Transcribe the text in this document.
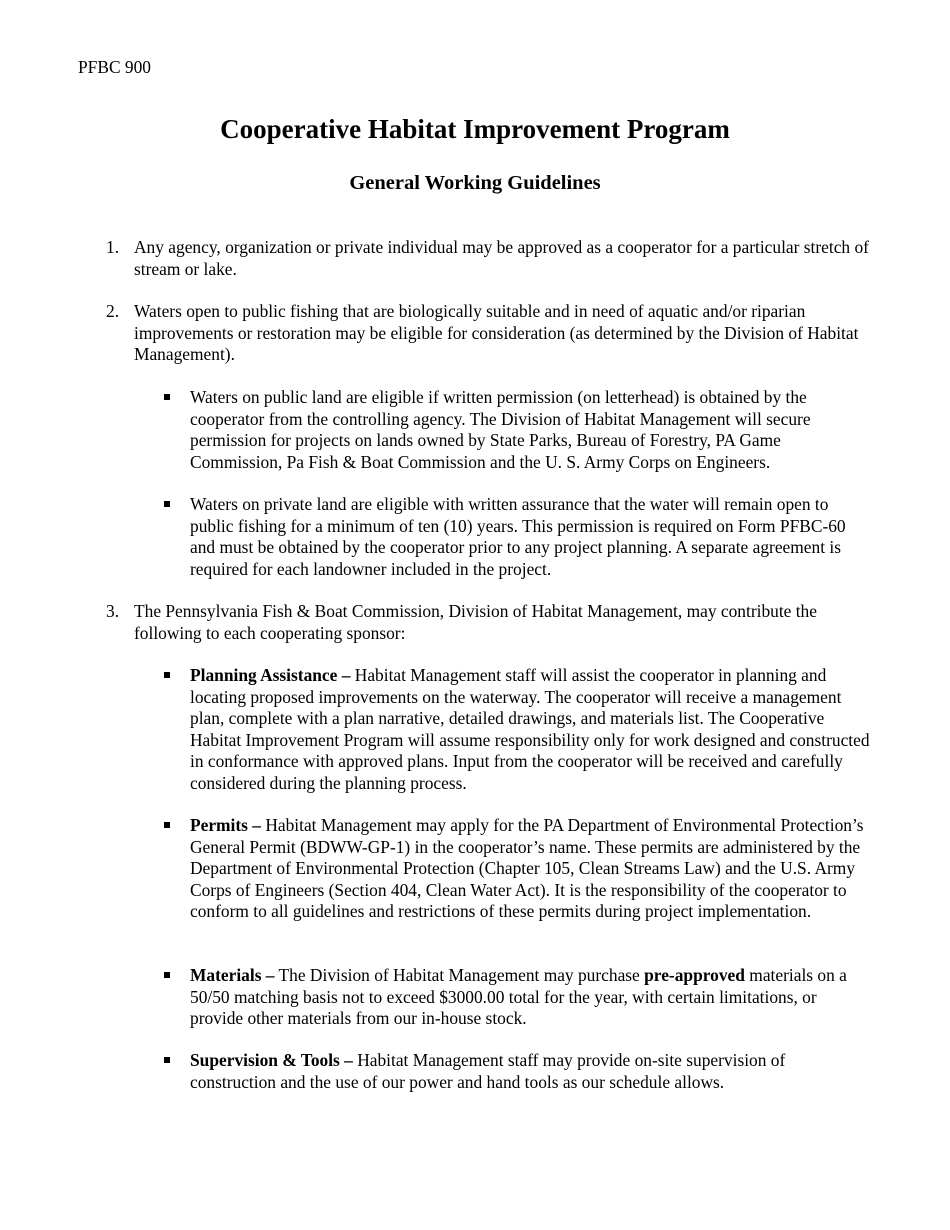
PFBC 900
Cooperative Habitat Improvement Program
General Working Guidelines
1. Any agency, organization or private individual may be approved as a cooperator for a particular stretch of stream or lake.
2. Waters open to public fishing that are biologically suitable and in need of aquatic and/or riparian improvements or restoration may be eligible for consideration (as determined by the Division of Habitat Management).
Waters on public land are eligible if written permission (on letterhead) is obtained by the cooperator from the controlling agency. The Division of Habitat Management will secure permission for projects on lands owned by State Parks, Bureau of Forestry, PA Game Commission, Pa Fish & Boat Commission and the U. S. Army Corps on Engineers.
Waters on private land are eligible with written assurance that the water will remain open to public fishing for a minimum of ten (10) years. This permission is required on Form PFBC-60 and must be obtained by the cooperator prior to any project planning. A separate agreement is required for each landowner included in the project.
3. The Pennsylvania Fish & Boat Commission, Division of Habitat Management, may contribute the following to each cooperating sponsor:
Planning Assistance – Habitat Management staff will assist the cooperator in planning and locating proposed improvements on the waterway. The cooperator will receive a management plan, complete with a plan narrative, detailed drawings, and materials list. The Cooperative Habitat Improvement Program will assume responsibility only for work designed and constructed in conformance with approved plans. Input from the cooperator will be received and carefully considered during the planning process.
Permits – Habitat Management may apply for the PA Department of Environmental Protection’s General Permit (BDWW-GP-1) in the cooperator’s name. These permits are administered by the Department of Environmental Protection (Chapter 105, Clean Streams Law) and the U.S. Army Corps of Engineers (Section 404, Clean Water Act). It is the responsibility of the cooperator to conform to all guidelines and restrictions of these permits during project implementation.
Materials – The Division of Habitat Management may purchase pre-approved materials on a 50/50 matching basis not to exceed $3000.00 total for the year, with certain limitations, or provide other materials from our in-house stock.
Supervision & Tools – Habitat Management staff may provide on-site supervision of construction and the use of our power and hand tools as our schedule allows.
